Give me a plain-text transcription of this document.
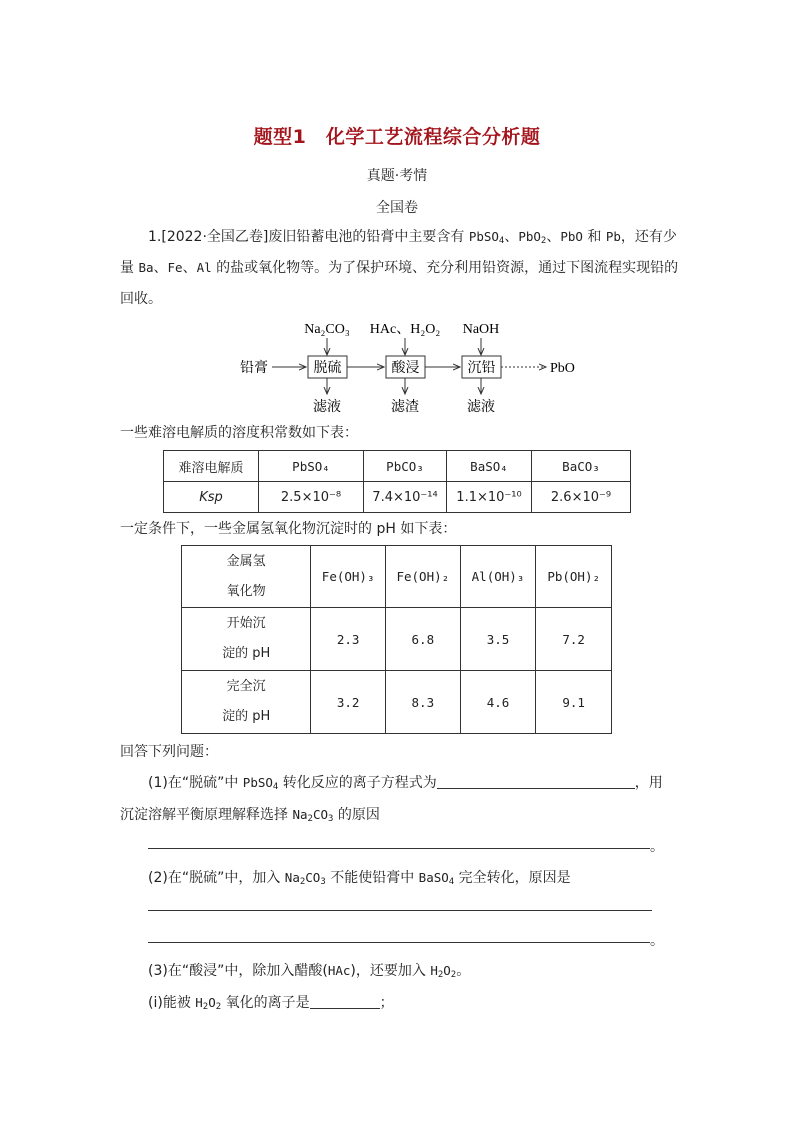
题型1　化学工艺流程综合分析题
真题·考情
全国卷
1.[2022·全国乙卷]废旧铅蓄电池的铅膏中主要含有 PbSO$_4$、PbO$_2$、PbO 和 Pb，还有少
量 Ba、Fe、Al 的盐或氧化物等。为了保护环境、充分利用铅资源，通过下图流程实现铅的
回收。
Na₂CO₃ HAc、H₂O₂ NaOH
铅膏	脱硫	酸浸	沉铅	PbO
滤液	滤渣	滤液
一些难溶电解质的溶度积常数如下表：
难溶电解质	PbSO₄	PbCO₃	BaSO₄	BaCO₃
Ksp	2.5×10⁻⁸	7.4×10⁻¹⁴	1.1×10⁻¹⁰	2.6×10⁻⁹
一定条件下，一些金属氢氧化物沉淀时的 pH 如下表：
金属氢
氧化物	Fe(OH)₃	Fe(OH)₂	Al(OH)₃	Pb(OH)₂
开始沉
淀的 pH	2.3	6.8	3.5	7.2
完全沉
淀的 pH	3.2	8.3	4.6	9.1
回答下列问题：
(1)在“脱硫”中 PbSO$_4$ 转化反应的离子方程式为	，用
沉淀溶解平衡原理解释选择 $Na_2CO_3$ 的原因
。
(2)在“脱硫”中，加入 $Na_2CO_3$ 不能使铅膏中 BaSO$_4$ 完全转化，原因是
。
(3)在“酸浸”中，除加入醋酸(HAc)，还要加入 $H_2O_2$。
(ⅰ)能被 $H_2O_2$ 氧化的离子是	；
